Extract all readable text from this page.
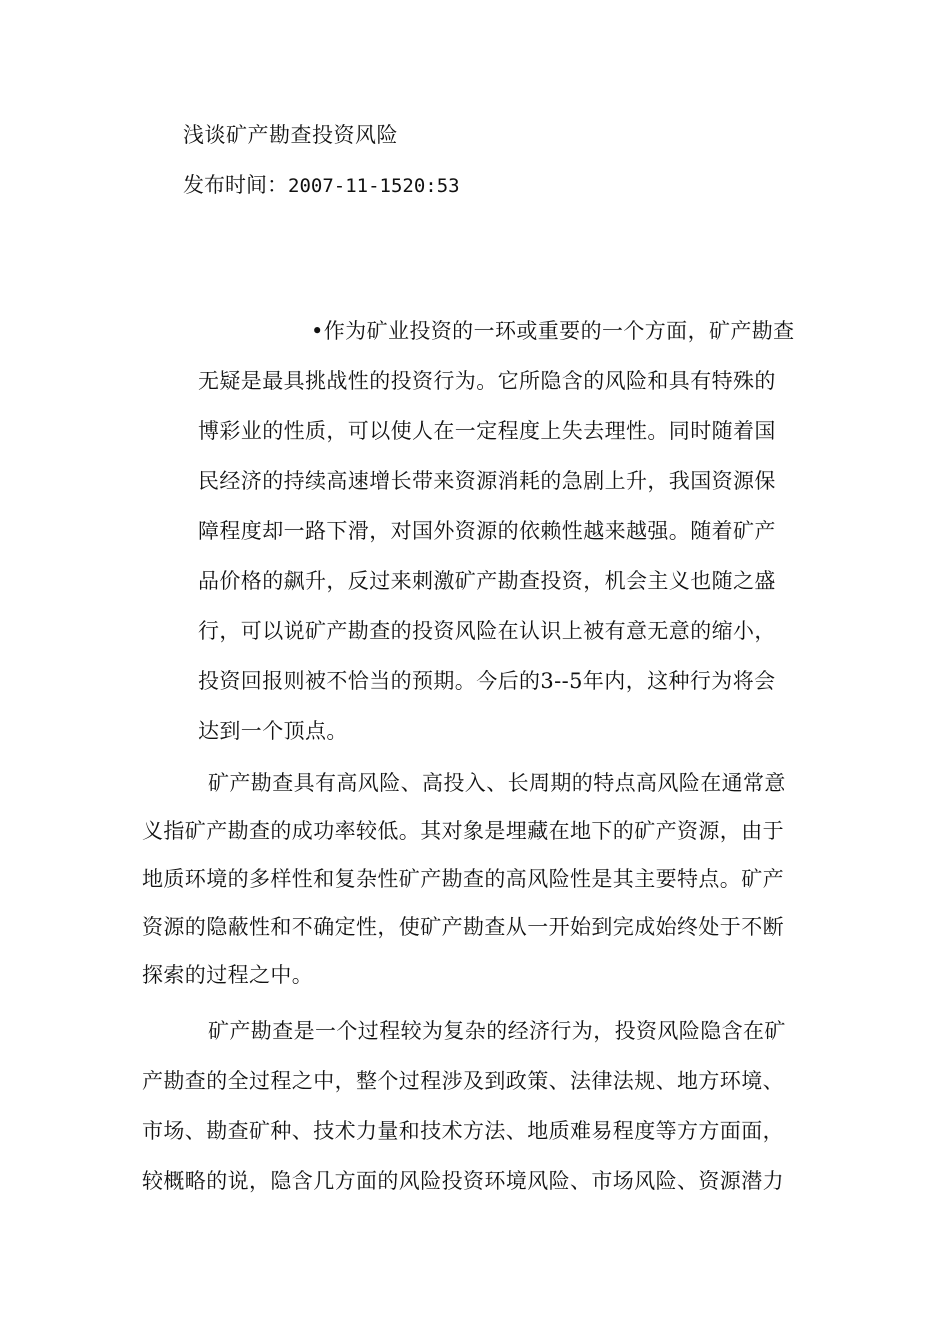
浅谈矿产勘查投资风险
发布时间：2007-11-1520:53
•作为矿业投资的一环或重要的一个方面，矿产勘查
无疑是最具挑战性的投资行为。它所隐含的风险和具有特殊的
博彩业的性质，可以使人在一定程度上失去理性。同时随着国
民经济的持续高速增长带来资源消耗的急剧上升，我国资源保
障程度却一路下滑，对国外资源的依赖性越来越强。随着矿产
品价格的飙升，反过来刺激矿产勘查投资，机会主义也随之盛
行，可以说矿产勘查的投资风险在认识上被有意无意的缩小，
投资回报则被不恰当的预期。今后的3--5年内，这种行为将会
达到一个顶点。
矿产勘查具有高风险、高投入、长周期的特点高风险在通常意
义指矿产勘查的成功率较低。其对象是埋藏在地下的矿产资源，由于
地质环境的多样性和复杂性矿产勘查的高风险性是其主要特点。矿产
资源的隐蔽性和不确定性，使矿产勘查从一开始到完成始终处于不断
探索的过程之中。
矿产勘查是一个过程较为复杂的经济行为，投资风险隐含在矿
产勘查的全过程之中，整个过程涉及到政策、法律法规、地方环境、
市场、勘查矿种、技术力量和技术方法、地质难易程度等方方面面，
较概略的说，隐含几方面的风险投资环境风险、市场风险、资源潜力
